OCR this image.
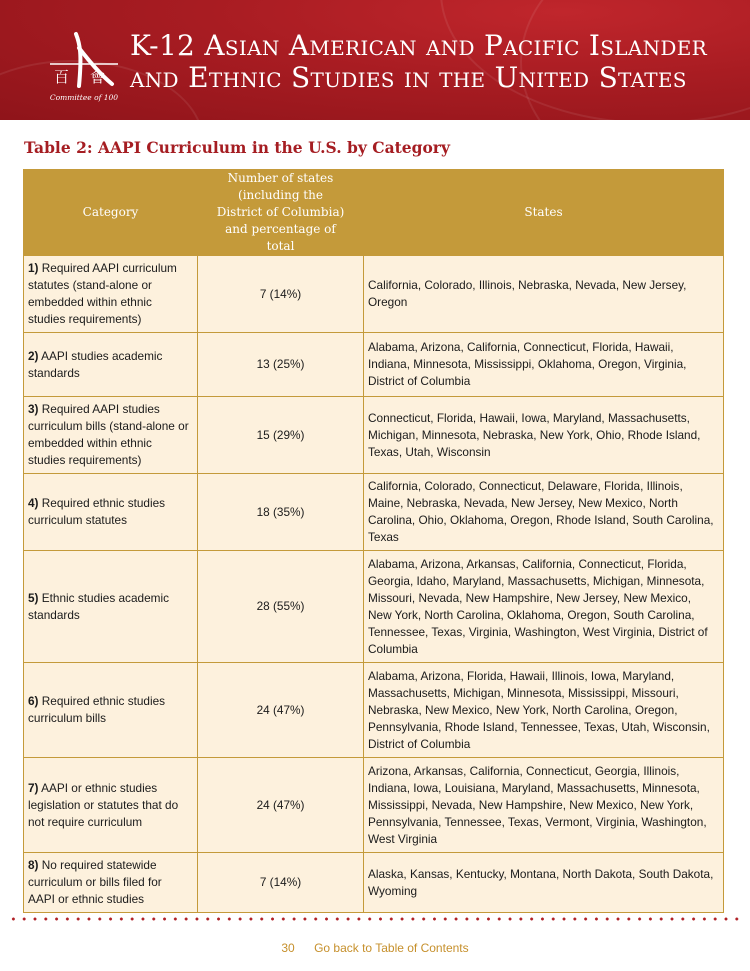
百 會
Committee of 100
K-12 Asian American and Pacific Islander
and Ethnic Studies in the United States
Table 2: AAPI Curriculum in the U.S. by Category
Category	Number of states (including the District of Columbia) and percentage of total	States
1) Required AAPI curriculum statutes (stand-alone or embedded within ethnic studies requirements)	7 (14%)	California, Colorado, Illinois, Nebraska, Nevada, New Jersey, Oregon
2) AAPI studies academic standards	13 (25%)	Alabama, Arizona, California, Connecticut, Florida, Hawaii, Indiana, Minnesota, Mississippi, Oklahoma, Oregon, Virginia, District of Columbia
3) Required AAPI studies curriculum bills (stand-alone or embedded within ethnic studies requirements)	15 (29%)	Connecticut, Florida, Hawaii, Iowa, Maryland, Massachusetts, Michigan, Minnesota, Nebraska, New York, Ohio, Rhode Island, Texas, Utah, Wisconsin
4) Required ethnic studies curriculum statutes	18 (35%)	California, Colorado, Connecticut, Delaware, Florida, Illinois, Maine, Nebraska, Nevada, New Jersey, New Mexico, North Carolina, Ohio, Oklahoma, Oregon, Rhode Island, South Carolina, Texas
5) Ethnic studies academic standards	28 (55%)	Alabama, Arizona, Arkansas, California, Connecticut, Florida, Georgia, Idaho, Maryland, Massachusetts, Michigan, Minnesota, Missouri, Nevada, New Hampshire, New Jersey, New Mexico, New York, North Carolina, Oklahoma, Oregon, South Carolina, Tennessee, Texas, Virginia, Washington, West Virginia, District of Columbia
6) Required ethnic studies curriculum bills	24 (47%)	Alabama, Arizona, Florida, Hawaii, Illinois, Iowa, Maryland, Massachusetts, Michigan, Minnesota, Mississippi, Missouri, Nebraska, New Mexico, New York, North Carolina, Oregon, Pennsylvania, Rhode Island, Tennessee, Texas, Utah, Wisconsin, District of Columbia
7) AAPI or ethnic studies legislation or statutes that do not require curriculum	24 (47%)	Arizona, Arkansas, California, Connecticut, Georgia, Illinois, Indiana, Iowa, Louisiana, Maryland, Massachusetts, Minnesota, Mississippi, Nevada, New Hampshire, New Mexico, New York, Pennsylvania, Tennessee, Texas, Vermont, Virginia, Washington, West Virginia
8) No required statewide curriculum or bills filed for AAPI or ethnic studies	7 (14%)	Alaska, Kansas, Kentucky, Montana, North Dakota, South Dakota, Wyoming
30 Go back to Table of Contents
